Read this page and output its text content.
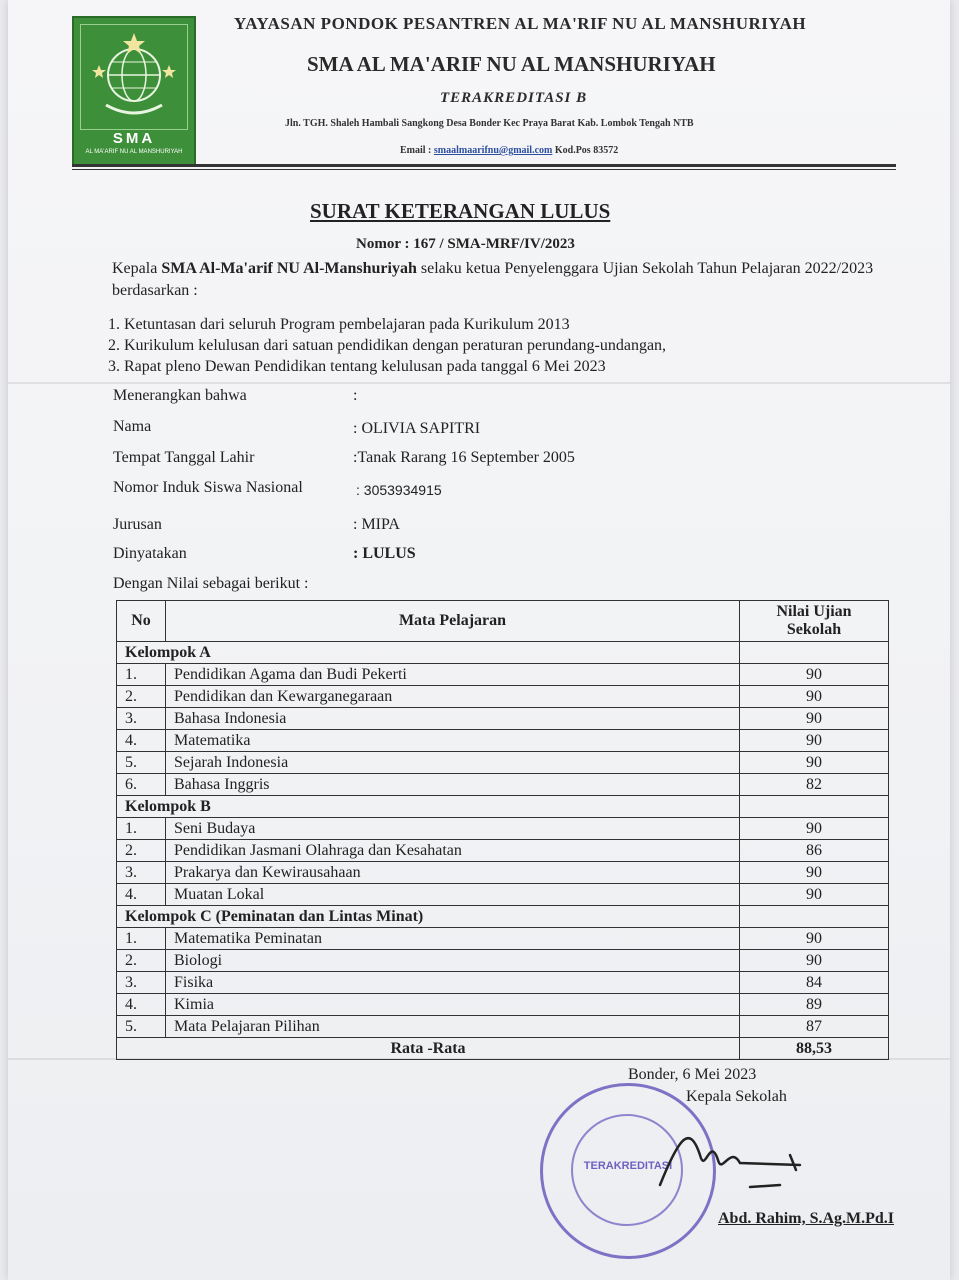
SMA
AL MA'ARIF NU AL MANSHURIYAH
YAYASAN PONDOK PESANTREN AL MA'RIF NU AL MANSHURIYAH
SMA AL MA'ARIF NU AL MANSHURIYAH
TERAKREDITASI B
Jln. TGH. Shaleh Hambali Sangkong Desa Bonder Kec Praya Barat Kab. Lombok Tengah NTB
Email : smaalmaarifnu@gmail.com Kod.Pos 83572
SURAT KETERANGAN LULUS
Nomor : 167 / SMA-MRF/IV/2023
Kepala SMA Al-Ma'arif NU Al-Manshuriyah selaku ketua Penyelenggara Ujian Sekolah Tahun Pelajaran 2022/2023 berdasarkan :
1. Ketuntasan dari seluruh Program pembelajaran pada Kurikulum 2013
2. Kurikulum kelulusan dari satuan pendidikan dengan peraturan perundang-undangan,
3. Rapat pleno Dewan Pendidikan tentang kelulusan pada tanggal 6 Mei 2023
Menerangkan bahwa	:
Nama	: OLIVIA SAPITRI
Tempat Tanggal Lahir	:Tanak Rarang 16 September 2005
Nomor Induk Siswa Nasional	: 3053934915
Jurusan	: MIPA
Dinyatakan	: LULUS
Dengan Nilai sebagai berikut :
No	Mata Pelajaran	Nilai Ujian Sekolah
Kelompok A		
1.	Pendidikan Agama dan Budi Pekerti	90
2.	Pendidikan dan Kewarganegaraan	90
3.	Bahasa Indonesia	90
4.	Matematika	90
5.	Sejarah Indonesia	90
6.	Bahasa Inggris	82
Kelompok B		
1.	Seni Budaya	90
2.	Pendidikan Jasmani Olahraga dan Kesahatan	86
3.	Prakarya dan Kewirausahaan	90
4.	Muatan Lokal	90
Kelompok C (Peminatan dan Lintas Minat)		
1.	Matematika Peminatan	90
2.	Biologi	90
3.	Fisika	84
4.	Kimia	89
5.	Mata Pelajaran Pilihan	87
Rata -Rata		88,53
Bonder, 6 Mei 2023
Kepala Sekolah
TERAKREDITASI
Abd. Rahim, S.Ag.M.Pd.I
